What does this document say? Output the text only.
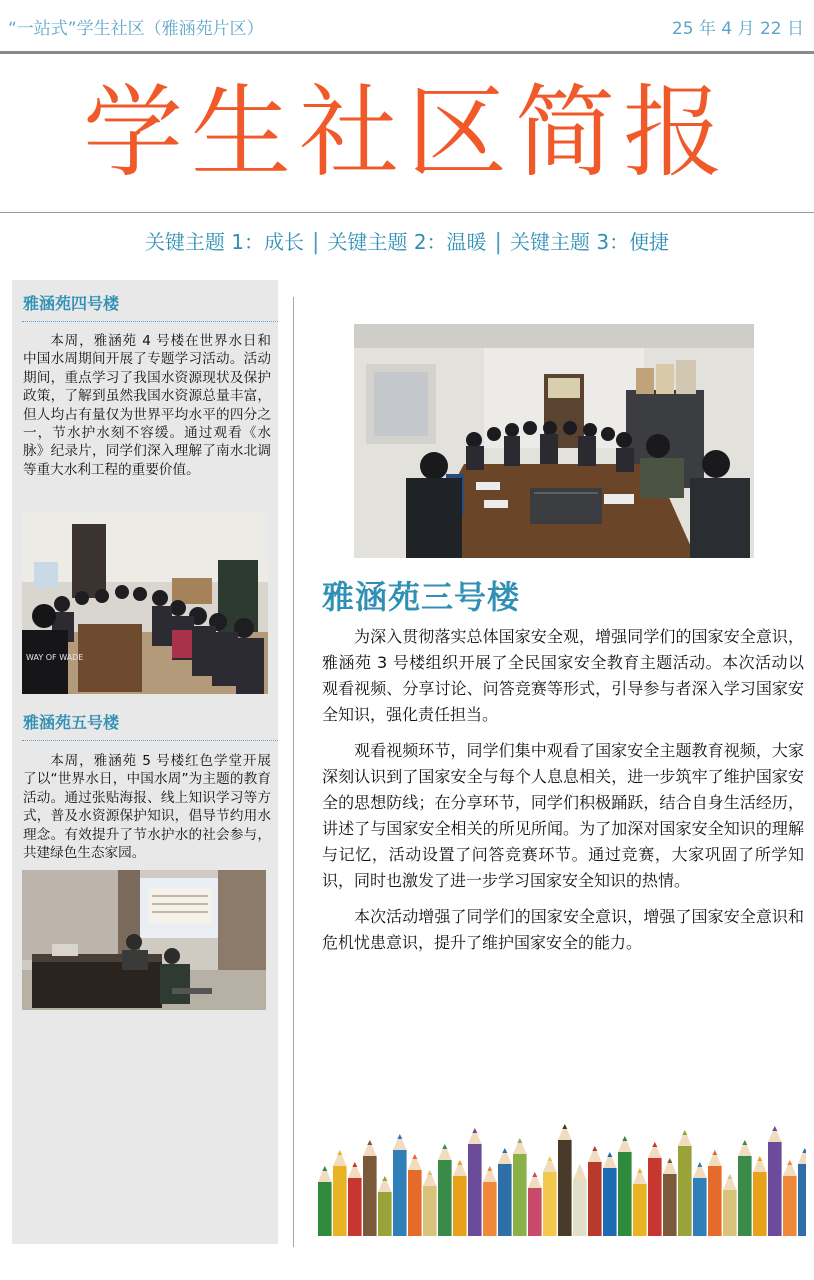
“一站式”学生社区（雅涵苑片区）	25 年 4 月 22 日
学生社区简报
关键主题 1：成长 | 关键主题 2：温暖 | 关键主题 3：便捷
雅涵苑四号楼

本周，雅涵苑 4 号楼在世界水日和中国水周期间开展了专题学习活动。活动期间，重点学习了我国水资源现状及保护政策，了解到虽然我国水资源总量丰富，但人均占有量仅为世界平均水平的四分之一，节水护水刻不容缓。通过观看《水脉》纪录片，同学们深入理解了南水北调等重大水利工程的重要价值。

WAY OF WADE
雅涵苑五号楼

本周，雅涵苑 5 号楼红色学堂开展了以“世界水日，中国水周”为主题的教育活动。通过张贴海报、线上知识学习等方式，普及水资源保护知识，倡导节约用水理念。有效提升了节水护水的社会参与，共建绿色生态家园。

雅涵苑三号楼

为深入贯彻落实总体国家安全观，增强同学们的国家安全意识，雅涵苑 3 号楼组织开展了全民国家安全教育主题活动。本次活动以观看视频、分享讨论、问答竞赛等形式，引导参与者深入学习国家安全知识，强化责任担当。

观看视频环节，同学们集中观看了国家安全主题教育视频，大家深刻认识到了国家安全与每个人息息相关，进一步筑牢了维护国家安全的思想防线；在分享环节，同学们积极踊跃，结合自身生活经历，讲述了与国家安全相关的所见所闻。为了加深对国家安全知识的理解与记忆，活动设置了问答竞赛环节。通过竞赛，大家巩固了所学知识，同时也激发了进一步学习国家安全知识的热情。

本次活动增强了同学们的国家安全意识，增强了国家安全意识和危机忧患意识，提升了维护国家安全的能力。
